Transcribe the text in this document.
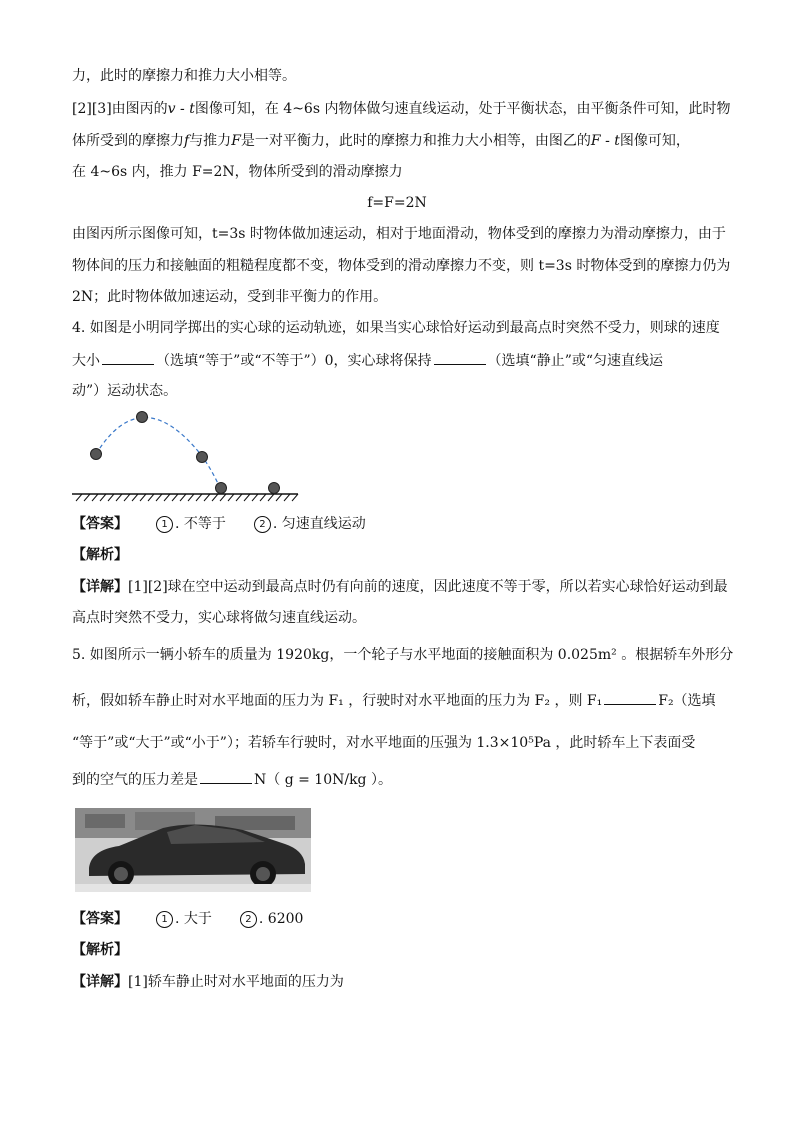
力，此时的摩擦力和推力大小相等。
[2][3]由图丙的v - t图像可知，在 4~6s 内物体做匀速直线运动，处于平衡状态，由平衡条件可知，此时物
体所受到的摩擦力f与推力F是一对平衡力，此时的摩擦力和推力大小相等，由图乙的F - t图像可知，
在 4~6s 内，推力 F=2N，物体所受到的滑动摩擦力
f=F=2N
由图丙所示图像可知，t=3s 时物体做加速运动，相对于地面滑动，物体受到的摩擦力为滑动摩擦力，由于
物体间的压力和接触面的粗糙程度都不变，物体受到的滑动摩擦力不变，则 t=3s 时物体受到的摩擦力仍为
2N；此时物体做加速运动，受到非平衡力的作用。
4. 如图是小明同学掷出的实心球的运动轨迹，如果当实心球恰好运动到最高点时突然不受力，则球的速度
大小	（选填“等于”或“不等于”）0，实心球将保持	（选填“静止”或“匀速直线运
动”）运动状态。
【答案】	1 . 不等于	2 . 匀速直线运动
【解析】
【详解】[1][2]球在空中运动到最高点时仍有向前的速度，因此速度不等于零，所以若实心球恰好运动到最
高点时突然不受力，实心球将做匀速直线运动。
5. 如图所示一辆小轿车的质量为 1920kg，一个轮子与水平地面的接触面积为 0.025m² 。根据轿车外形分
析，假如轿车静止时对水平地面的压力为 F₁ ，行驶时对水平地面的压力为 F₂ ，则 F₁	F₂（选填
“等于”或“大于”或“小于”）；若轿车行驶时，对水平地面的压强为 1.3×10⁵Pa ，此时轿车上下表面受
到的空气的压力差是	N（ g = 10N/kg ）。
【答案】	1 . 大于	2 . 6200
【解析】
【详解】[1]轿车静止时对水平地面的压力为
